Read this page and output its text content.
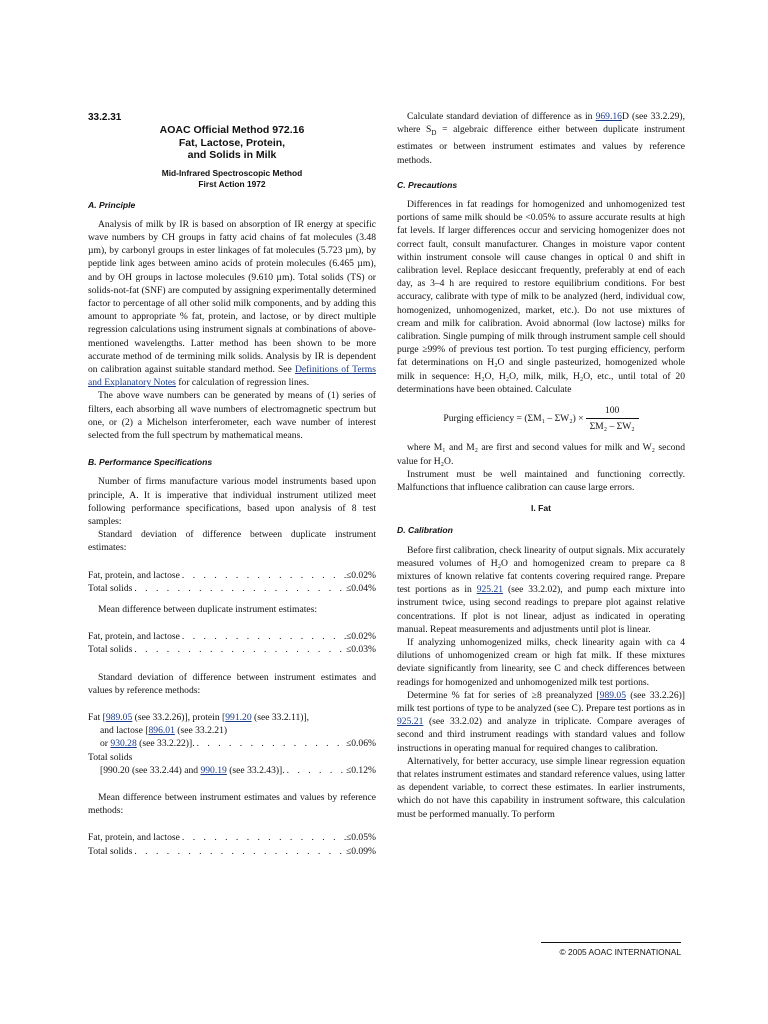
33.2.31
AOAC Official Method 972.16
Fat, Lactose, Protein,
and Solids in Milk
Mid-Infrared Spectroscopic Method
First Action 1972
A. Principle

Analysis of milk by IR is based on absorption of IR energy at specific wave numbers by CH groups in fatty acid chains of fat molecules (3.48 µm), by carbonyl groups in ester linkages of fat molecules (5.723 µm), by peptide link ages between amino acids of protein molecules (6.465 µm), and by OH groups in lactose molecules (9.610 µm). Total solids (TS) or solids-not-fat (SNF) are computed by assigning experimentally determined factor to percentage of all other solid milk components, and by adding this amount to appropriate % fat, protein, and lactose, or by direct multiple regression calculations using instrument signals at combinations of above-mentioned wavelengths. Latter method has been shown to be more accurate method of de termining milk solids. Analysis by IR is dependent on calibration against suitable standard method. See Definitions of Terms and Explanatory Notes for calculation of regression lines.

The above wave numbers can be generated by means of (1) series of filters, each absorbing all wave numbers of electromagnetic spectrum but one, or (2) a Michelson interferometer, each wave number of interest selected from the full spectrum by mathematical means.

B. Performance Specifications

Number of firms manufacture various model instruments based upon principle, A. It is imperative that individual instrument utilized meet following performance specifications, based upon analysis of 8 test samples:

Standard deviation of difference between duplicate instrument estimates:

Fat, protein, and lactose . . .	≤0.02%
Total solids . . .	≤0.04%

Mean difference between duplicate instrument estimates:

Fat, protein, and lactose . . .	≤0.02%
Total solids . . .	≤0.03%

Standard deviation of difference between instrument estimates and values by reference methods:

Fat [989.05 (see 33.2.26)], protein [991.20 (see 33.2.11)],
and lactose [896.01 (see 33.2.21)
or 930.28 (see 33.2.22)]. . . .	≤0.06%
Total solids
[990.20 (see 33.2.44) and 990.19 (see 33.2.43)]. . . .	≤0.12%

Mean difference between instrument estimates and values by reference methods:

Fat, protein, and lactose . . .	≤0.05%
Total solids . . .	≤0.09%

Calculate standard deviation of difference as in 969.16D (see 33.2.29), where $S_D$ = algebraic difference either between duplicate instrument estimates or between instrument estimates and values by reference methods.

C. Precautions

Differences in fat readings for homogenized and unhomogenized test portions of same milk should be <0.05% to assure accurate results at high fat levels. If larger differences occur and servicing homogenizer does not correct fault, consult manufacturer. Changes in moisture vapor content within instrument console will cause changes in optical 0 and shift in calibration level. Replace desiccant frequently, preferably at end of each day, as 3–4 h are required to restore equilibrium conditions. For best accuracy, calibrate with type of milk to be analyzed (herd, individual cow, homogenized, unhomogenized, market, etc.). Do not use mixtures of cream and milk for calibration. Avoid abnormal (low lactose) milks for calibration. Single pumping of milk through instrument sample cell should purge ≥99% of previous test portion. To test purging efficiency, perform fat determinations on H₂O and single pasteurized, homogenized whole milk in sequence: H₂O, H₂O, milk, milk, H₂O, etc., until total of 20 determinations have been obtained. Calculate

Purging efficiency = $(\Sigma M_1 - \Sigma W_2) \times \frac{100}{\text{ΣM₂ – ΣW₂}}$

where M₁ and M₂ are first and second values for milk and W₂ second value for H₂O.

Instrument must be well maintained and functioning correctly. Malfunctions that influence calibration can cause large errors.

I. Fat
D. Calibration

Before first calibration, check linearity of output signals. Mix accurately measured volumes of H₂O and homogenized cream to prepare ca 8 mixtures of known relative fat contents covering required range. Prepare test portions as in 925.21 (see 33.2.02), and pump each mixture into instrument twice, using second readings to prepare plot against relative concentrations. If plot is not linear, adjust as indicated in operating manual. Repeat measurements and adjustments until plot is linear.

If analyzing unhomogenized milks, check linearity again with ca 4 dilutions of unhomogenized cream or high fat milk. If these mixtures deviate significantly from linearity, see C and check differences between readings for homogenized and unhomogenized milk test portions.

Determine % fat for series of ≥8 preanalyzed [989.05 (see 33.2.26)] milk test portions of type to be analyzed (see C). Prepare test portions as in 925.21 (see 33.2.02) and analyze in triplicate. Compare averages of second and third instrument readings with standard values and follow instructions in operating manual for required changes to calibration.

Alternatively, for better accuracy, use simple linear regression equation that relates instrument estimates and standard reference values, using latter as dependent variable, to correct these estimates. In earlier instruments, which do not have this capability in instrument software, this calculation must be performed manually. To perform

© 2005 AOAC INTERNATIONAL
